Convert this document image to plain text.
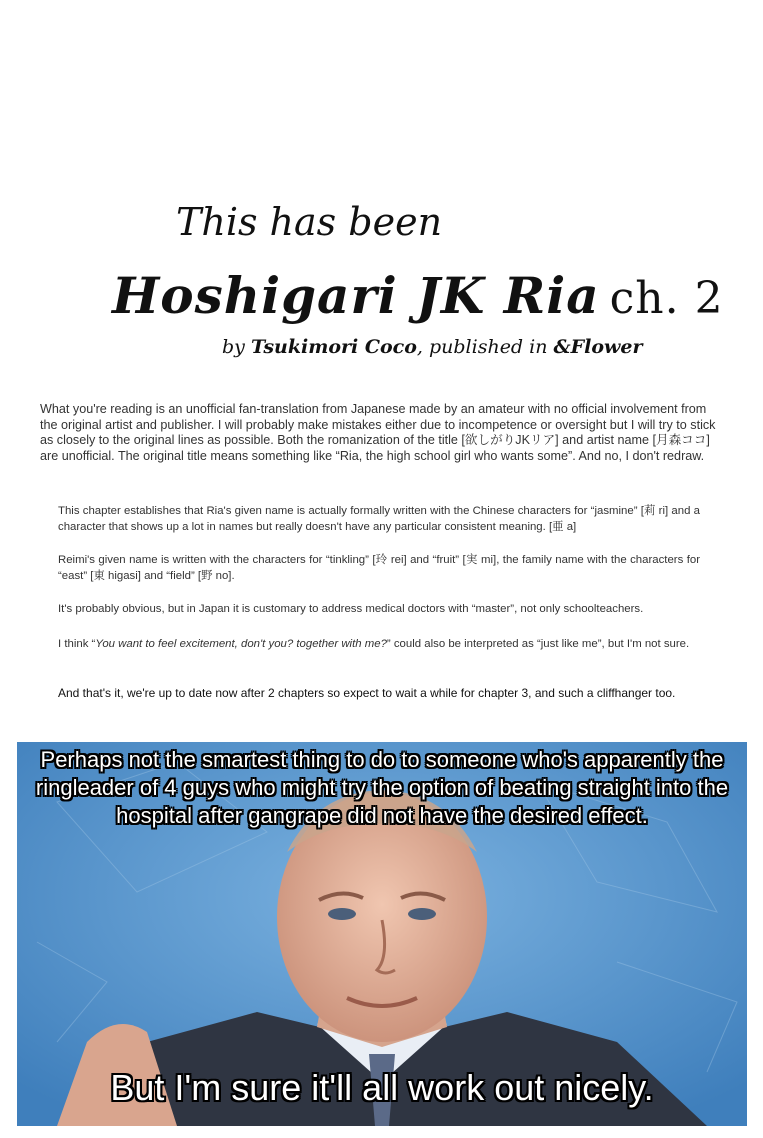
This has been
Hoshigari JK Ria ch. 2
by Tsukimori Coco, published in &Flower

What you're reading is an unofficial fan-translation from Japanese made by an amateur with no official involvement from the original artist and publisher. I will probably make mistakes either due to incompetence or oversight but I will try to stick as closely to the original lines as possible. Both the romanization of the title [欲しがりJKリア] and artist name [月森ココ] are unofficial. The original title means something like “Ria, the high school girl who wants some”. And no, I don't redraw.

This chapter establishes that Ria's given name is actually formally written with the Chinese characters for “jasmine” [莉 ri] and a character that shows up a lot in names but really doesn't have any particular consistent meaning. [亜 a]

Reimi's given name is written with the characters for “tinkling” [玲 rei] and “fruit” [実 mi], the family name with the characters for “east” [東 higasi] and “field” [野 no].

It's probably obvious, but in Japan it is customary to address medical doctors with “master”, not only schoolteachers.

I think “You want to feel excitement, don't you? together with me?” could also be interpreted as “just like me”, but I'm not sure.

And that's it, we're up to date now after 2 chapters so expect to wait a while for chapter 3, and such a cliffhanger too.

Perhaps not the smartest thing to do to someone who's apparently the ringleader of 4 guys who might try the option of beating straight into the hospital after gangrape did not have the desired effect.
But I'm sure it'll all work out nicely.
